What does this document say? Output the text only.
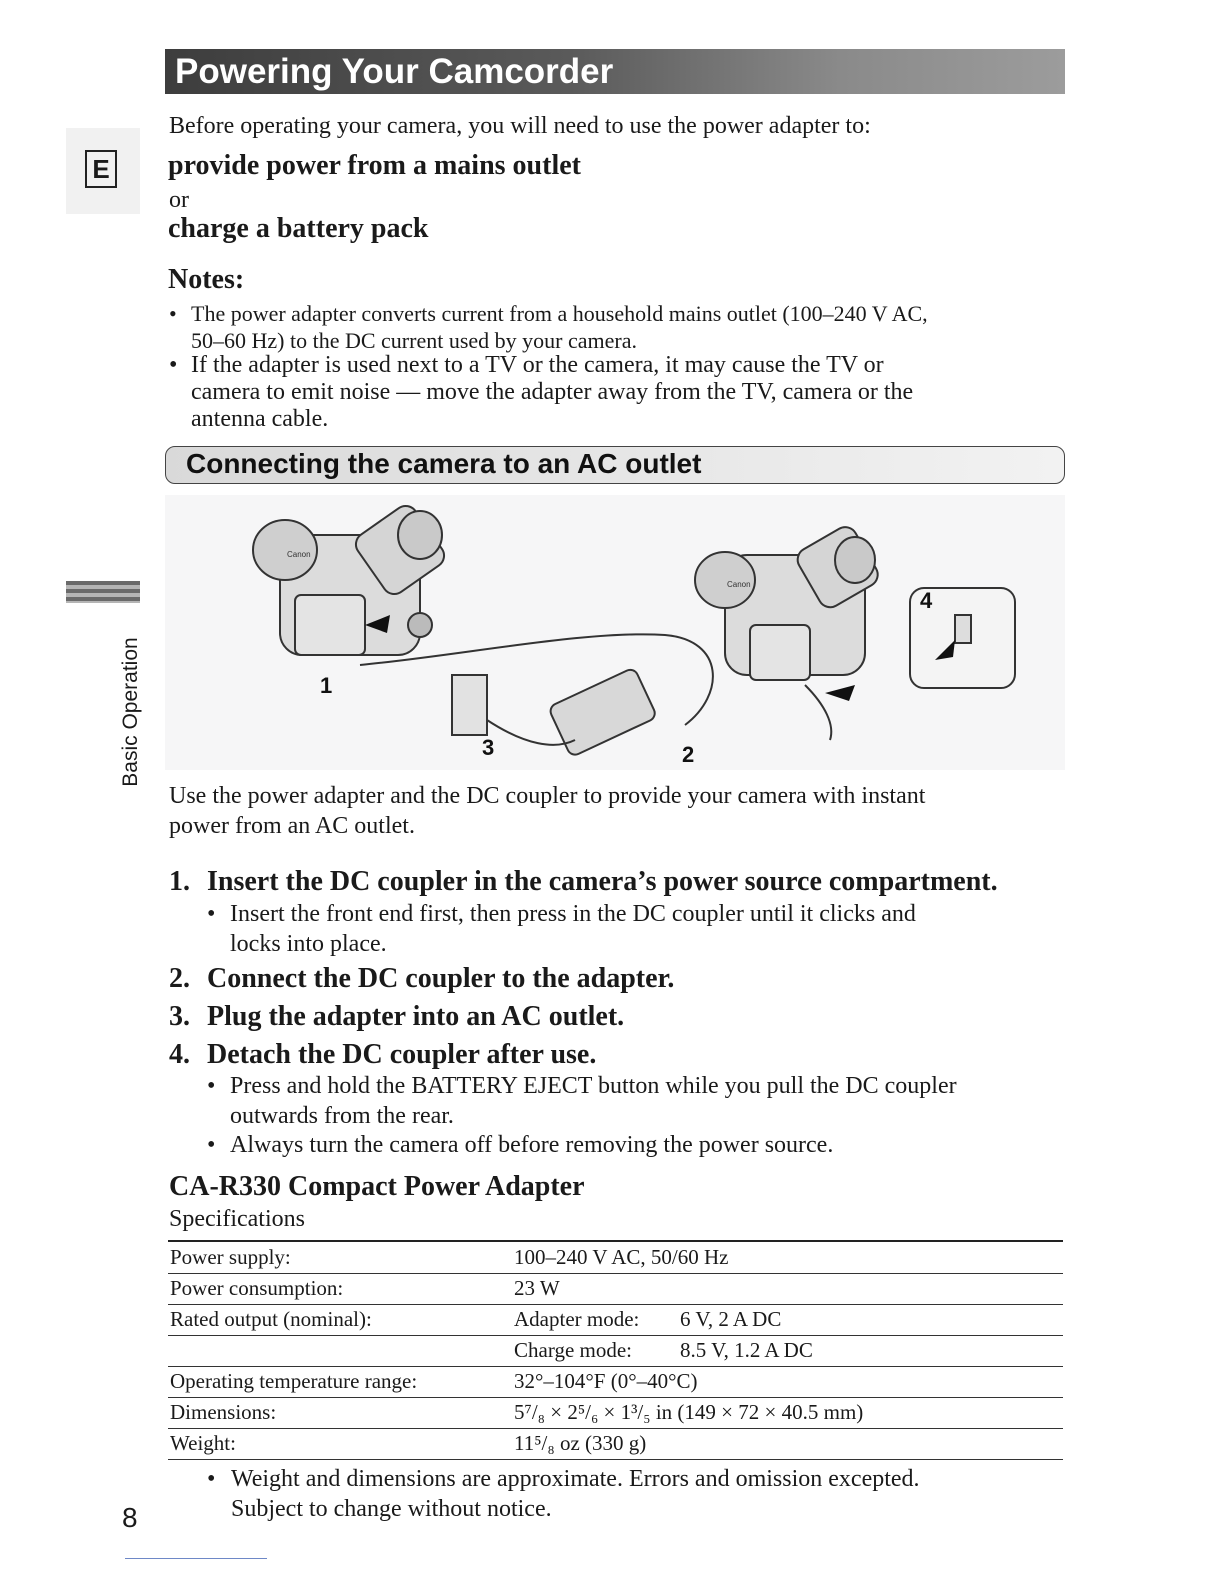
Powering Your Camcorder
E
Basic Operation
Before operating your camera, you will need to use the power adapter to:
provide power from a mains outlet
or
charge a battery pack
Notes:
• The power adapter converts current from a household mains outlet (100–240 V AC,
50–60 Hz) to the DC current used by your camera.
• If the adapter is used next to a TV or the camera, it may cause the TV or
camera to emit noise — move the adapter away from the TV, camera or the
antenna cable.
Connecting the camera to an AC outlet
1
2
3
4
Canon
Canon
Use the power adapter and the DC coupler to provide your camera with instant
power from an AC outlet.
1. Insert the DC coupler in the camera’s power source compartment.
• Insert the front end first, then press in the DC coupler until it clicks and
locks into place.
2. Connect the DC coupler to the adapter.
3. Plug the adapter into an AC outlet.
4. Detach the DC coupler after use.
• Press and hold the BATTERY EJECT button while you pull the DC coupler
outwards from the rear.
• Always turn the camera off before removing the power source.
CA-R330 Compact Power Adapter
Specifications
Power supply:	100–240 V AC, 50/60 Hz
Power consumption:	23 W
Rated output (nominal):	Adapter mode: 6 V, 2 A DC
	Charge mode: 8.5 V, 1.2 A DC
Operating temperature range:	32°–104°F (0°–40°C)
Dimensions:	5⁷/₈ × 2⁵/₆ × 1³/₅ in (149 × 72 × 40.5 mm)
Weight:	11⁵/₈ oz (330 g)
• Weight and dimensions are approximate. Errors and omission excepted.
Subject to change without notice.
8
